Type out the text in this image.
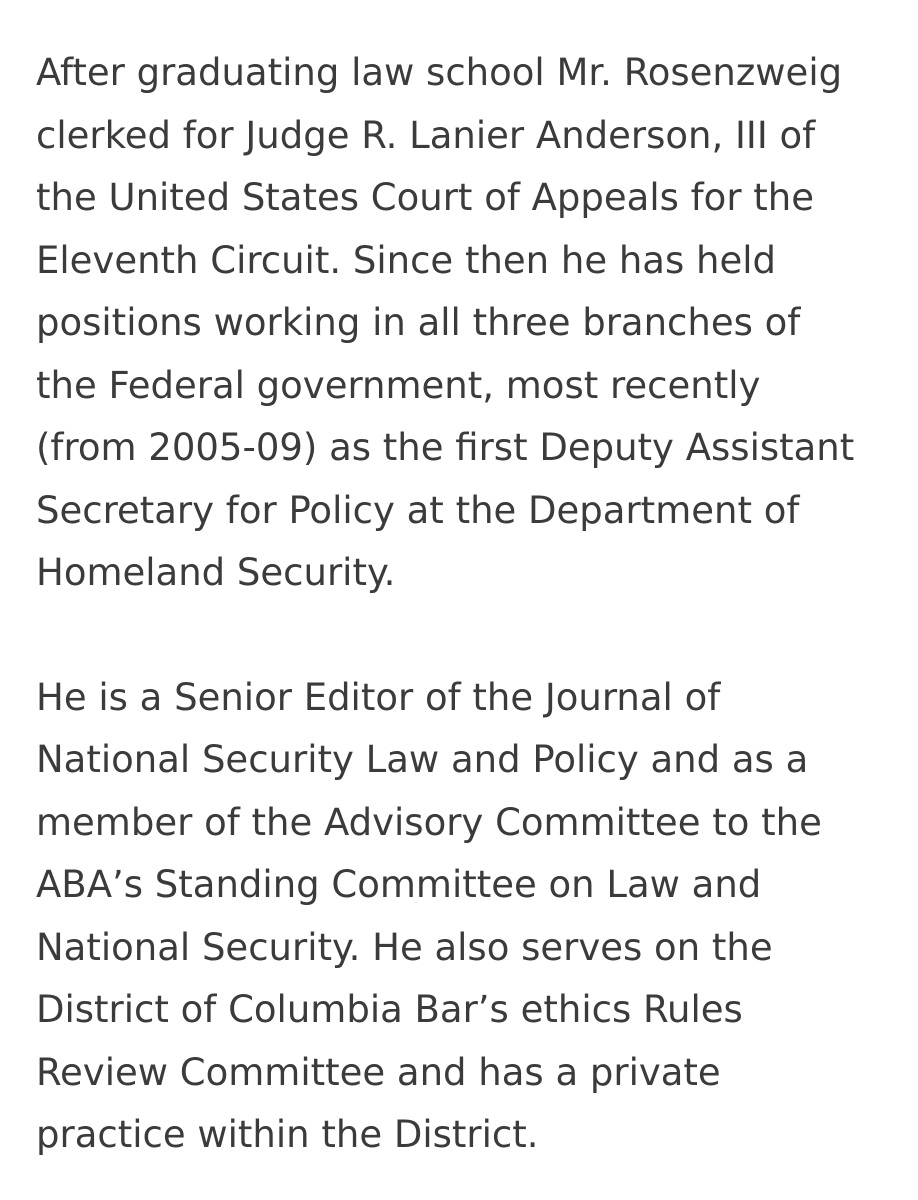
After graduating law school Mr. Rosenzweig
clerked for Judge R. Lanier Anderson, III of
the United States Court of Appeals for the
Eleventh Circuit. Since then he has held
positions working in all three branches of
the Federal government, most recently
(from 2005-09) as the first Deputy Assistant
Secretary for Policy at the Department of
Homeland Security.

He is a Senior Editor of the Journal of
National Security Law and Policy and as a
member of the Advisory Committee to the
ABA’s Standing Committee on Law and
National Security. He also serves on the
District of Columbia Bar’s ethics Rules
Review Committee and has a private
practice within the District.
